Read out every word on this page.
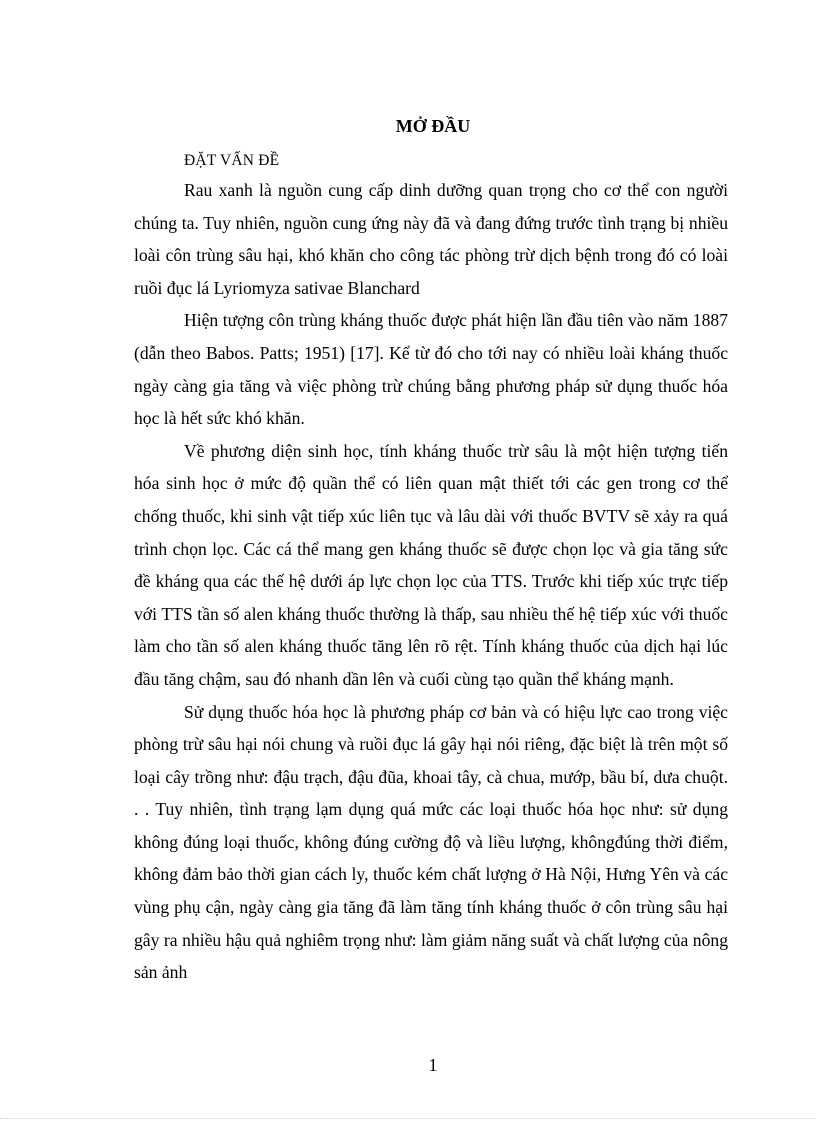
MỞ ĐẦU
ĐẶT VẤN ĐỀ

Rau xanh là nguồn cung cấp dinh dưỡng quan trọng cho cơ thể con người chúng ta. Tuy nhiên, nguồn cung ứng này đã và đang đứng trước tình trạng bị nhiều loài côn trùng sâu hại, khó khăn cho công tác phòng trừ dịch bệnh trong đó có loài ruồi đục lá Lyriomyza sativae Blanchard

Hiện tượng côn trùng kháng thuốc được phát hiện lần đầu tiên vào năm 1887 (dẫn theo Babos. Patts; 1951) [17]. Kể từ đó cho tới nay có nhiều loài kháng thuốc ngày càng gia tăng và việc phòng trừ chúng bằng phương pháp sử dụng thuốc hóa học là hết sức khó khăn.

Về phương diện sinh học, tính kháng thuốc trừ sâu là một hiện tượng tiến hóa sinh học ở mức độ quần thể có liên quan mật thiết tới các gen trong cơ thể chống thuốc, khi sinh vật tiếp xúc liên tục và lâu dài với thuốc BVTV sẽ xảy ra quá trình chọn lọc. Các cá thể mang gen kháng thuốc sẽ được chọn lọc và gia tăng sức đề kháng qua các thế hệ dưới áp lực chọn lọc của TTS. Trước khi tiếp xúc trực tiếp với TTS tần số alen kháng thuốc thường là thấp, sau nhiều thế hệ tiếp xúc với thuốc làm cho tần số alen kháng thuốc tăng lên rõ rệt. Tính kháng thuốc của dịch hại lúc đầu tăng chậm, sau đó nhanh dần lên và cuối cùng tạo quần thể kháng mạnh.

Sử dụng thuốc hóa học là phương pháp cơ bản và có hiệu lực cao trong việc phòng trừ sâu hại nói chung và ruồi đục lá gây hại nói riêng, đặc biệt là trên một số loại cây trồng như: đậu trạch, đậu đũa, khoai tây, cà chua, mướp, bầu bí, dưa chuột. . . Tuy nhiên, tình trạng lạm dụng quá mức các loại thuốc hóa học như: sử dụng không đúng loại thuốc, không đúng cường độ và liều lượng, khôngđúng thời điểm, không đảm bảo thời gian cách ly, thuốc kém chất lượng ở Hà Nội, Hưng Yên và các vùng phụ cận, ngày càng gia tăng đã làm tăng tính kháng thuốc ở côn trùng sâu hại gây ra nhiều hậu quả nghiêm trọng như: làm giảm năng suất và chất lượng của nông sản ảnh

1
